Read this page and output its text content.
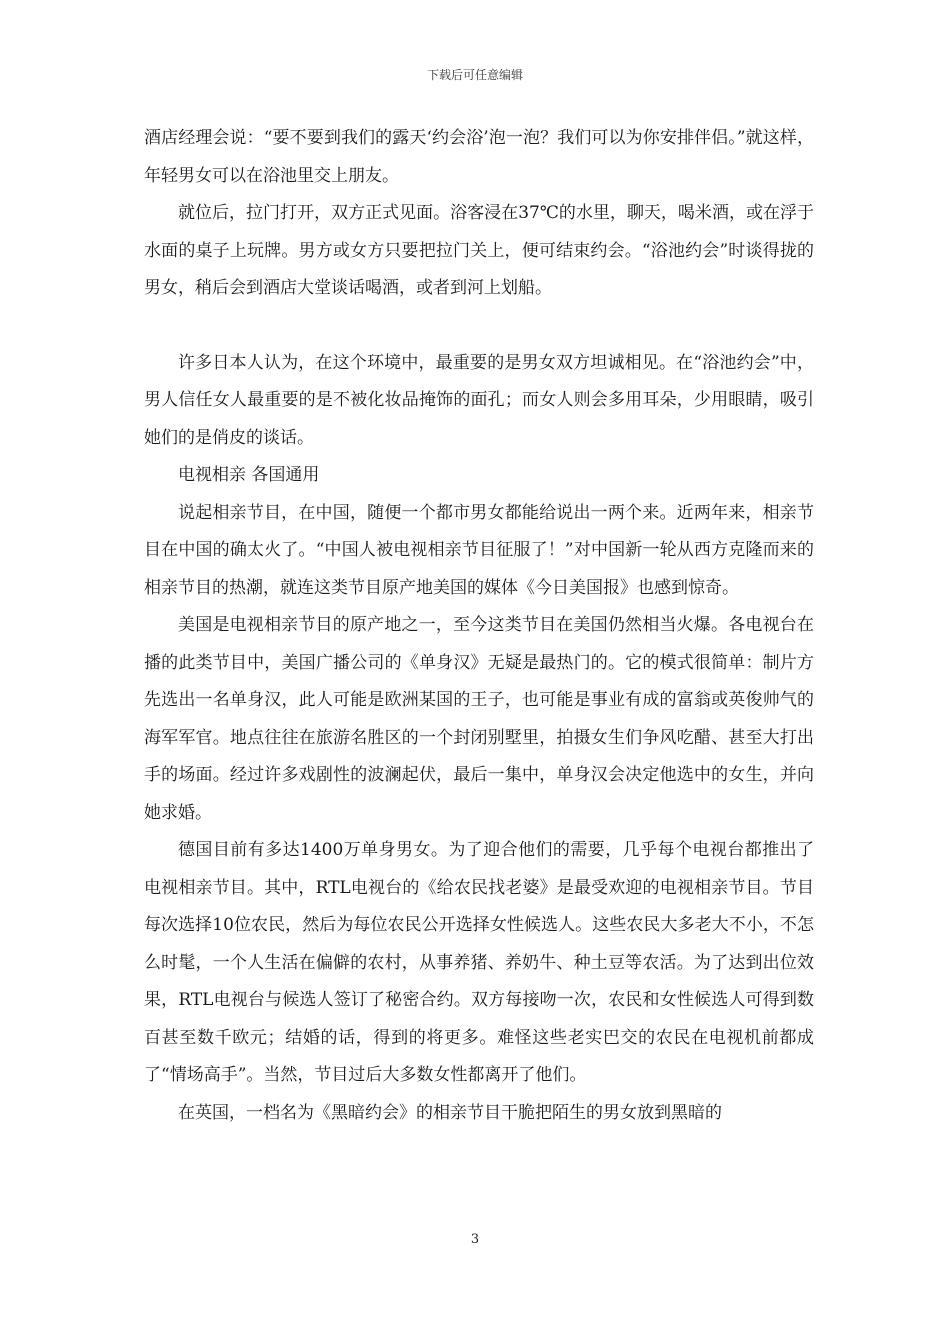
下载后可任意编辑

酒店经理会说：“要不要到我们的露天‘约会浴’泡一泡？我们可以为你安排伴侣。”就这样，年轻男女可以在浴池里交上朋友。

就位后，拉门打开，双方正式见面。浴客浸在37℃的水里，聊天，喝米酒，或在浮于水面的桌子上玩牌。男方或女方只要把拉门关上，便可结束约会。“浴池约会”时谈得拢的男女，稍后会到酒店大堂谈话喝酒，或者到河上划船。

许多日本人认为，在这个环境中，最重要的是男女双方坦诚相见。在“浴池约会”中，男人信任女人最重要的是不被化妆品掩饰的面孔；而女人则会多用耳朵，少用眼睛，吸引她们的是俏皮的谈话。

电视相亲 各国通用

说起相亲节目，在中国，随便一个都市男女都能给说出一两个来。近两年来，相亲节目在中国的确太火了。“中国人被电视相亲节目征服了！”对中国新一轮从西方克隆而来的相亲节目的热潮，就连这类节目原产地美国的媒体《今日美国报》也感到惊奇。

美国是电视相亲节目的原产地之一，至今这类节目在美国仍然相当火爆。各电视台在播的此类节目中，美国广播公司的《单身汉》无疑是最热门的。它的模式很简单：制片方先选出一名单身汉，此人可能是欧洲某国的王子，也可能是事业有成的富翁或英俊帅气的海军军官。地点往往在旅游名胜区的一个封闭别墅里，拍摄女生们争风吃醋、甚至大打出手的场面。经过许多戏剧性的波澜起伏，最后一集中，单身汉会决定他选中的女生，并向她求婚。

德国目前有多达1400万单身男女。为了迎合他们的需要，几乎每个电视台都推出了电视相亲节目。其中，RTL电视台的《给农民找老婆》是最受欢迎的电视相亲节目。节目每次选择10位农民，然后为每位农民公开选择女性候选人。这些农民大多老大不小，不怎么时髦，一个人生活在偏僻的农村，从事养猪、养奶牛、种土豆等农活。为了达到出位效果，RTL电视台与候选人签订了秘密合约。双方每接吻一次，农民和女性候选人可得到数百甚至数千欧元；结婚的话，得到的将更多。难怪这些老实巴交的农民在电视机前都成了“情场高手”。当然，节目过后大多数女性都离开了他们。

在英国，一档名为《黑暗约会》的相亲节目干脆把陌生的男女放到黑暗的

3
